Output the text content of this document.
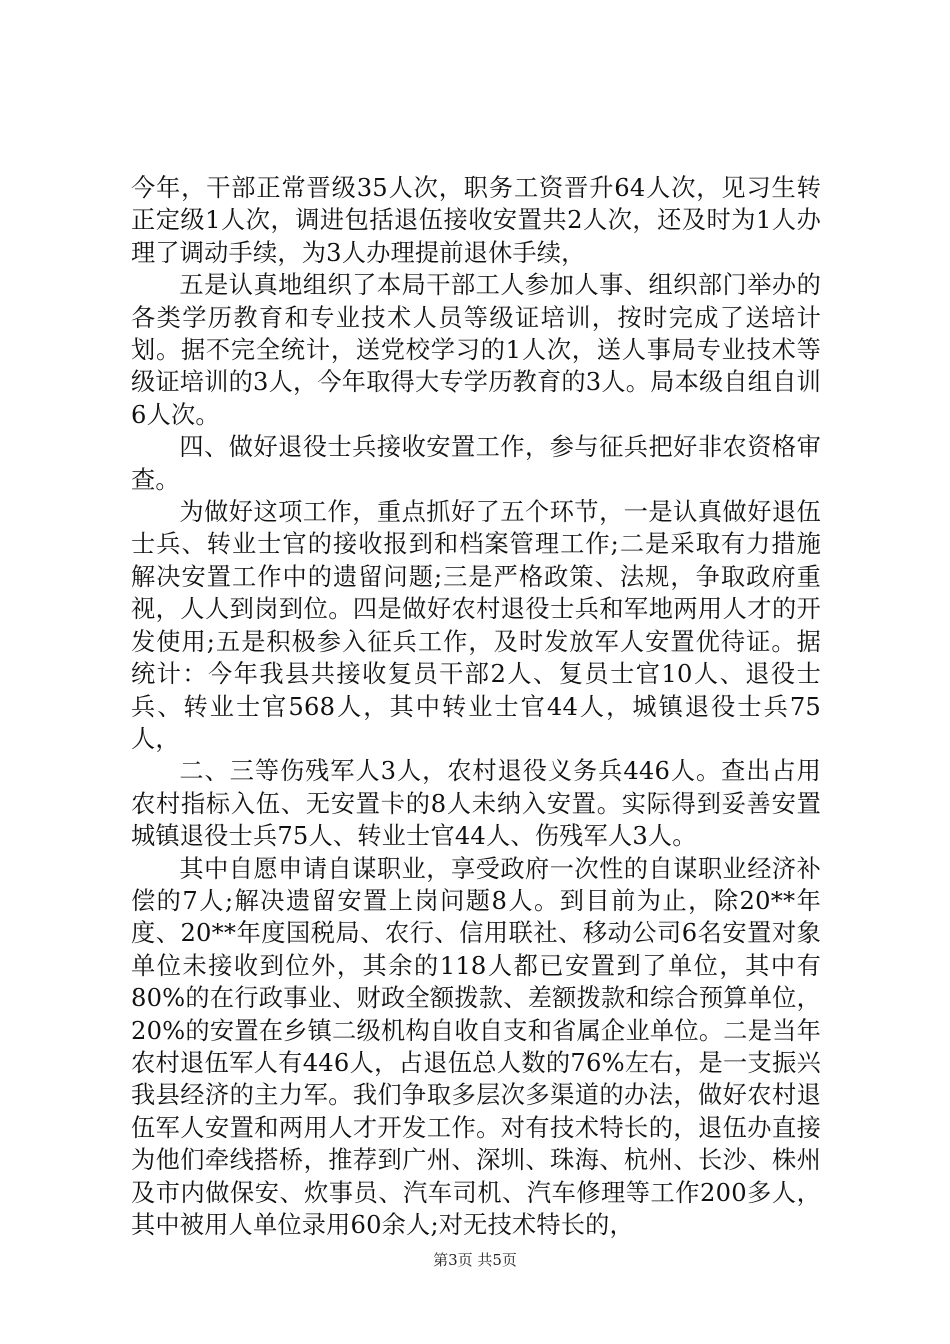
今年，干部正常晋级35人次，职务工资晋升64人次，见习生转正定级1人次，调进包括退伍接收安置共2人次，还及时为1人办理了调动手续，为3人办理提前退休手续，

五是认真地组织了本局干部工人参加人事、组织部门举办的各类学历教育和专业技术人员等级证培训，按时完成了送培计划。据不完全统计，送党校学习的1人次，送人事局专业技术等级证培训的3人，今年取得大专学历教育的3人。局本级自组自训6人次。

四、做好退役士兵接收安置工作，参与征兵把好非农资格审查。

为做好这项工作，重点抓好了五个环节，一是认真做好退伍士兵、转业士官的接收报到和档案管理工作;二是采取有力措施解决安置工作中的遗留问题;三是严格政策、法规，争取政府重视，人人到岗到位。四是做好农村退役士兵和军地两用人才的开发使用;五是积极参入征兵工作，及时发放军人安置优待证。据统计：今年我县共接收复员干部2人、复员士官10人、退役士兵、转业士官568人，其中转业士官44人，城镇退役士兵75人，

二、三等伤残军人3人，农村退役义务兵446人。查出占用农村指标入伍、无安置卡的8人未纳入安置。实际得到妥善安置城镇退役士兵75人、转业士官44人、伤残军人3人。

其中自愿申请自谋职业，享受政府一次性的自谋职业经济补偿的7人;解决遗留安置上岗问题8人。到目前为止，除20**年度、20**年度国税局、农行、信用联社、移动公司6名安置对象单位未接收到位外，其余的118人都已安置到了单位，其中有80%的在行政事业、财政全额拨款、差额拨款和综合预算单位，20%的安置在乡镇二级机构自收自支和省属企业单位。二是当年农村退伍军人有446人，占退伍总人数的76%左右，是一支振兴我县经济的主力军。我们争取多层次多渠道的办法，做好农村退伍军人安置和两用人才开发工作。对有技术特长的，退伍办直接为他们牵线搭桥，推荐到广州、深圳、珠海、杭州、长沙、株州及市内做保安、炊事员、汽车司机、汽车修理等工作200多人，其中被用人单位录用60余人;对无技术特长的，

第3页 共5页
